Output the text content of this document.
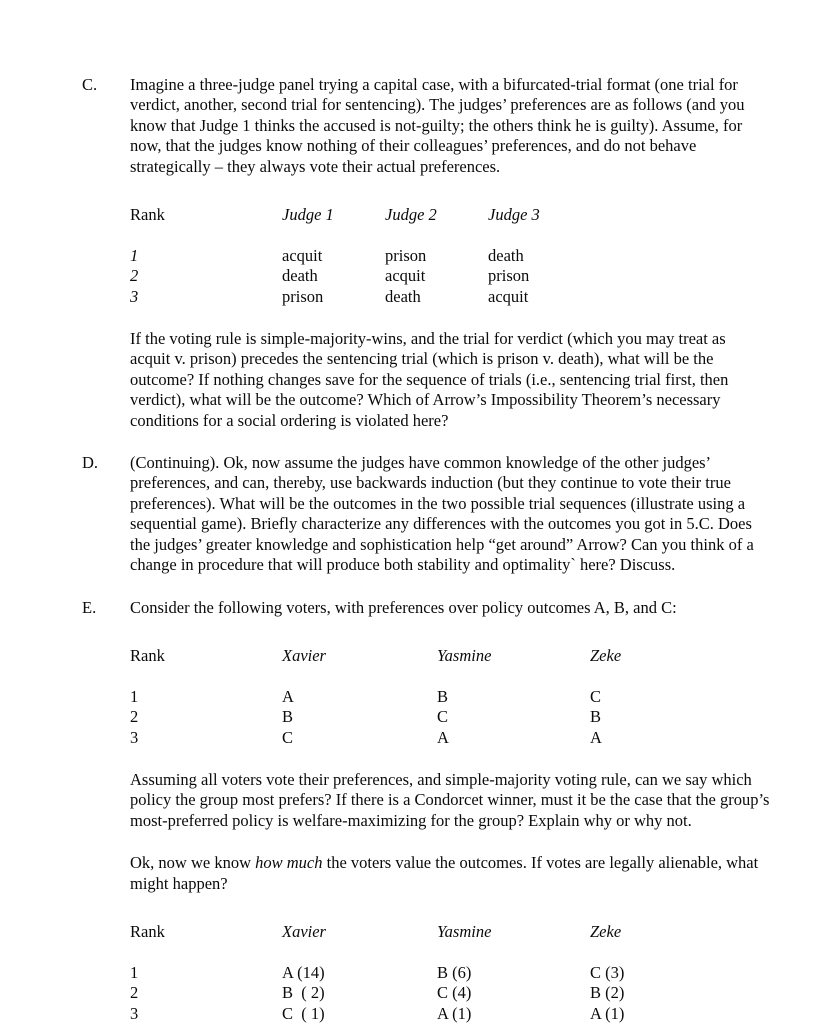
C. Imagine a three-judge panel trying a capital case, with a bifurcated-trial format (one trial for verdict, another, second trial for sentencing). The judges’ preferences are as follows (and you know that Judge 1 thinks the accused is not-guilty; the others think he is guilty). Assume, for now, that the judges know nothing of their colleagues’ preferences, and do not behave strategically – they always vote their actual preferences.

Rank	Judge 1	Judge 2	Judge 3

1	acquit	prison	death
2	death	acquit	prison
3	prison	death	acquit

If the voting rule is simple-majority-wins, and the trial for verdict (which you may treat as acquit v. prison) precedes the sentencing trial (which is prison v. death), what will be the outcome? If nothing changes save for the sequence of trials (i.e., sentencing trial first, then verdict), what will be the outcome? Which of Arrow’s Impossibility Theorem’s necessary conditions for a social ordering is violated here?

D. (Continuing). Ok, now assume the judges have common knowledge of the other judges’ preferences, and can, thereby, use backwards induction (but they continue to vote their true preferences). What will be the outcomes in the two possible trial sequences (illustrate using a sequential game). Briefly characterize any differences with the outcomes you got in 5.C. Does the judges’ greater knowledge and sophistication help “get around” Arrow? Can you think of a change in procedure that will produce both stability and optimality` here? Discuss.

E. Consider the following voters, with preferences over policy outcomes A, B, and C:

Rank	Xavier	Yasmine	Zeke

1	A	B	C
2	B	C	B
3	C	A	A

Assuming all voters vote their preferences, and simple-majority voting rule, can we say which policy the group most prefers? If there is a Condorcet winner, must it be the case that the group’s most-preferred policy is welfare-maximizing for the group? Explain why or why not.

Ok, now we know how much the voters value the outcomes. If votes are legally alienable, what might happen?

Rank	Xavier	Yasmine	Zeke

1	A (14)	B (6)	C (3)
2	B  ( 2)	C (4)	B (2)
3	C  ( 1)	A (1)	A (1)
